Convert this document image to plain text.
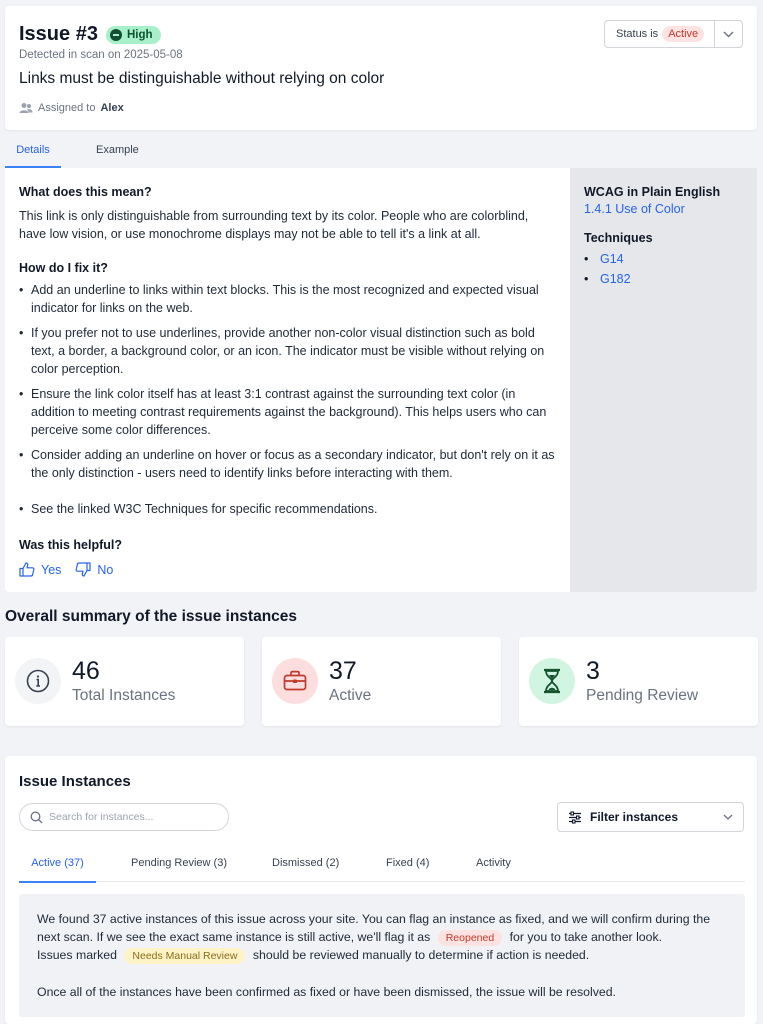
Issue #3	High
Detected in scan on 2025-05-08
Links must be distinguishable without relying on color
Assigned to Alex
Status is Active
Details	Example
What does this mean?
This link is only distinguishable from surrounding text by its color. People who are colorblind, have low vision, or use monochrome displays may not be able to tell it's a link at all.
How do I fix it?
• Add an underline to links within text blocks. This is the most recognized and expected visual indicator for links on the web.
• If you prefer not to use underlines, provide another non-color visual distinction such as bold text, a border, a background color, or an icon. The indicator must be visible without relying on color perception.
• Ensure the link color itself has at least 3:1 contrast against the surrounding text color (in addition to meeting contrast requirements against the background). This helps users who can perceive some color differences.
• Consider adding an underline on hover or focus as a secondary indicator, but don't rely on it as the only distinction - users need to identify links before interacting with them.
• See the linked W3C Techniques for specific recommendations.
Was this helpful?
Yes	No
WCAG in Plain English
1.4.1 Use of Color
Techniques
• G14
• G182
Overall summary of the issue instances
46
Total Instances
37
Active
3
Pending Review
Issue Instances
Search for instances...
Filter instances
Active (37)	Pending Review (3)	Dismissed (2)	Fixed (4)	Activity
We found 37 active instances of this issue across your site. You can flag an instance as fixed, and we will confirm during the next scan. If we see the exact same instance is still active, we'll flag it as Reopened for you to take another look.
Issues marked Needs Manual Review should be reviewed manually to determine if action is needed.
Once all of the instances have been confirmed as fixed or have been dismissed, the issue will be resolved.
